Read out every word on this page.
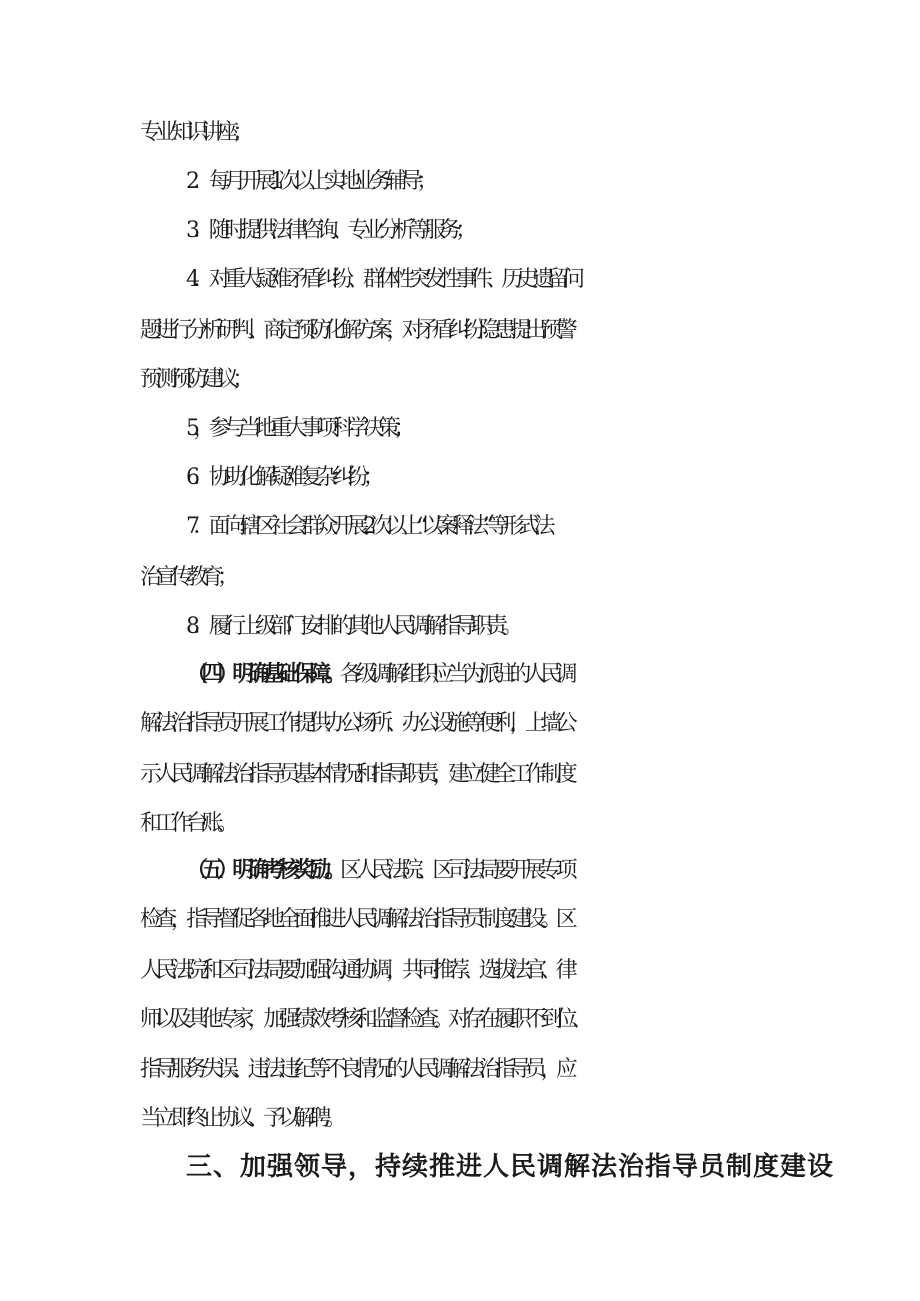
专业知识讲座；
2．每月开展1次以上实地业务辅导；
3．随时提供法律咨询、专业分析等服务；
4．对重大疑难矛盾纠纷、群体性突发性事件、历史遗留问
题进行分析研判、商定预防化解方案，对矛盾纠纷隐患提出预警
预测预防建议；
5，参与当地重大事项科学决策；
6．协助化解疑难复杂纠纷；
7．面向辖区社会群众开展2次以上“以案释法”等形式法
治宣传教育；
8．履行上级部门安排的其他人民调解指导职责。
（四）明确基础保障。各级调解组织应当为派驻的人民调
解法治指导员开展工作提供办公场所、办公设施等便利，上墙公
示人民调解法治指导员基本情况和指导职责，建立健全工作制度
和工作台账。
（五）明确考核奖励。区人民法院、区司法局要开展专项
检查，指导督促各地全面推进人民调解法治指导员制度建设。区
人民法院和区司法局要加强沟通协调，共同推荐、选拔法官、律
师以及其他专家，加强绩效考核和监督检查。对存在履职不到位、
指导服务失误、违法违纪等不良情况的人民调解法治指导员，应
当立即终止协议、予以解聘。
三、加强领导，持续推进人民调解法治指导员制度建设
